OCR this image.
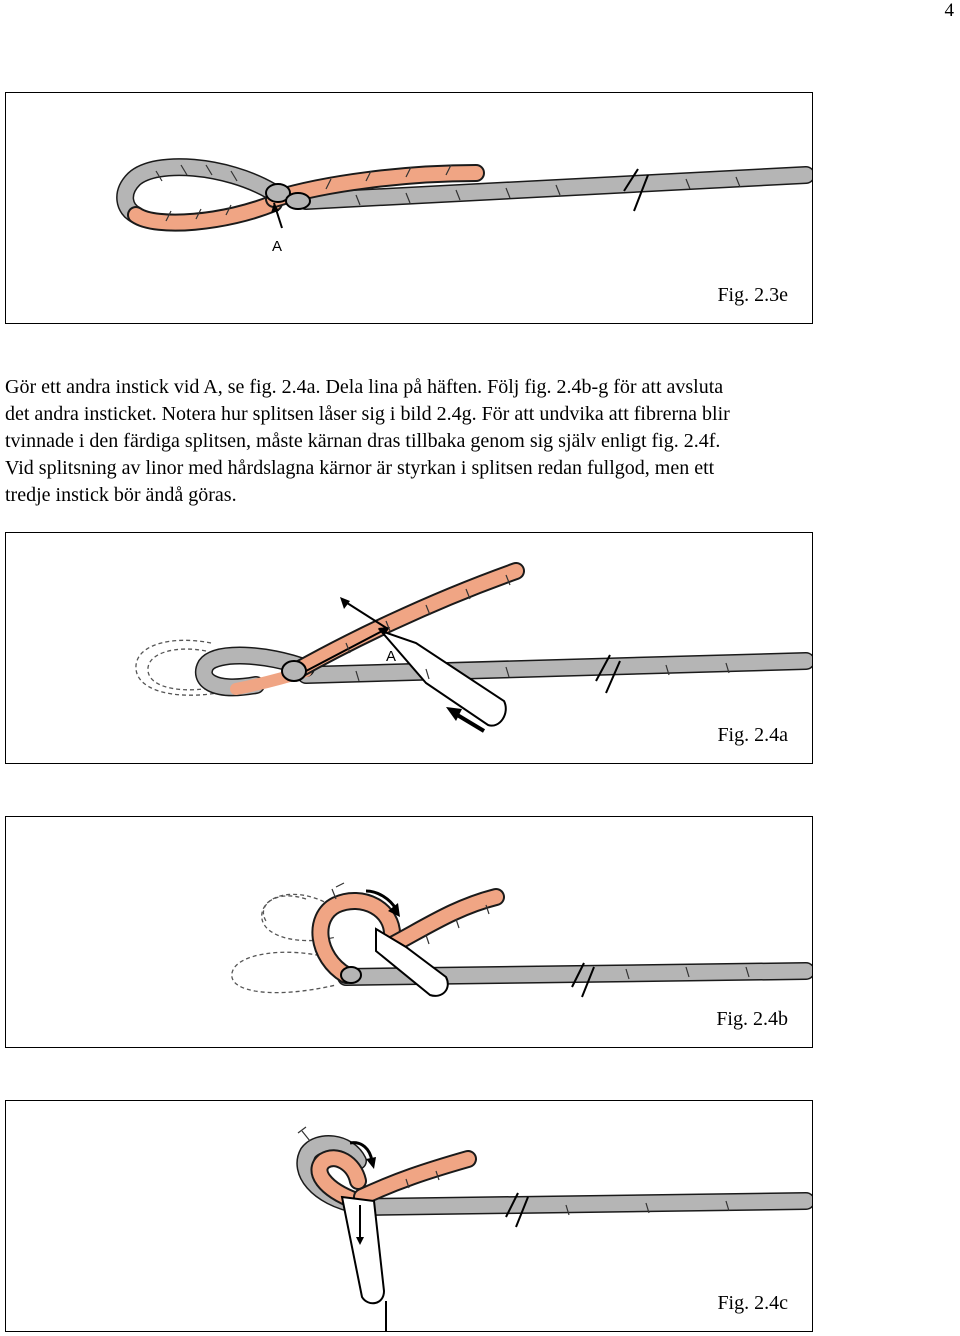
4
A
Fig. 2.3e

Gör ett andra instick vid A, se fig. 2.4a. Dela lina på häften. Följ fig. 2.4b-g för att avsluta
det andra insticket. Notera hur splitsen låser sig i bild 2.4g. För att undvika att fibrerna blir
tvinnade i den färdiga splitsen, måste kärnan dras tillbaka genom sig själv enligt fig. 2.4f.
Vid splitsning av linor med hårdslagna kärnor är styrkan i splitsen redan fullgod, men ett
tredje instick bör ändå göras.

A
Fig. 2.4a
Fig. 2.4b
Fig. 2.4c
